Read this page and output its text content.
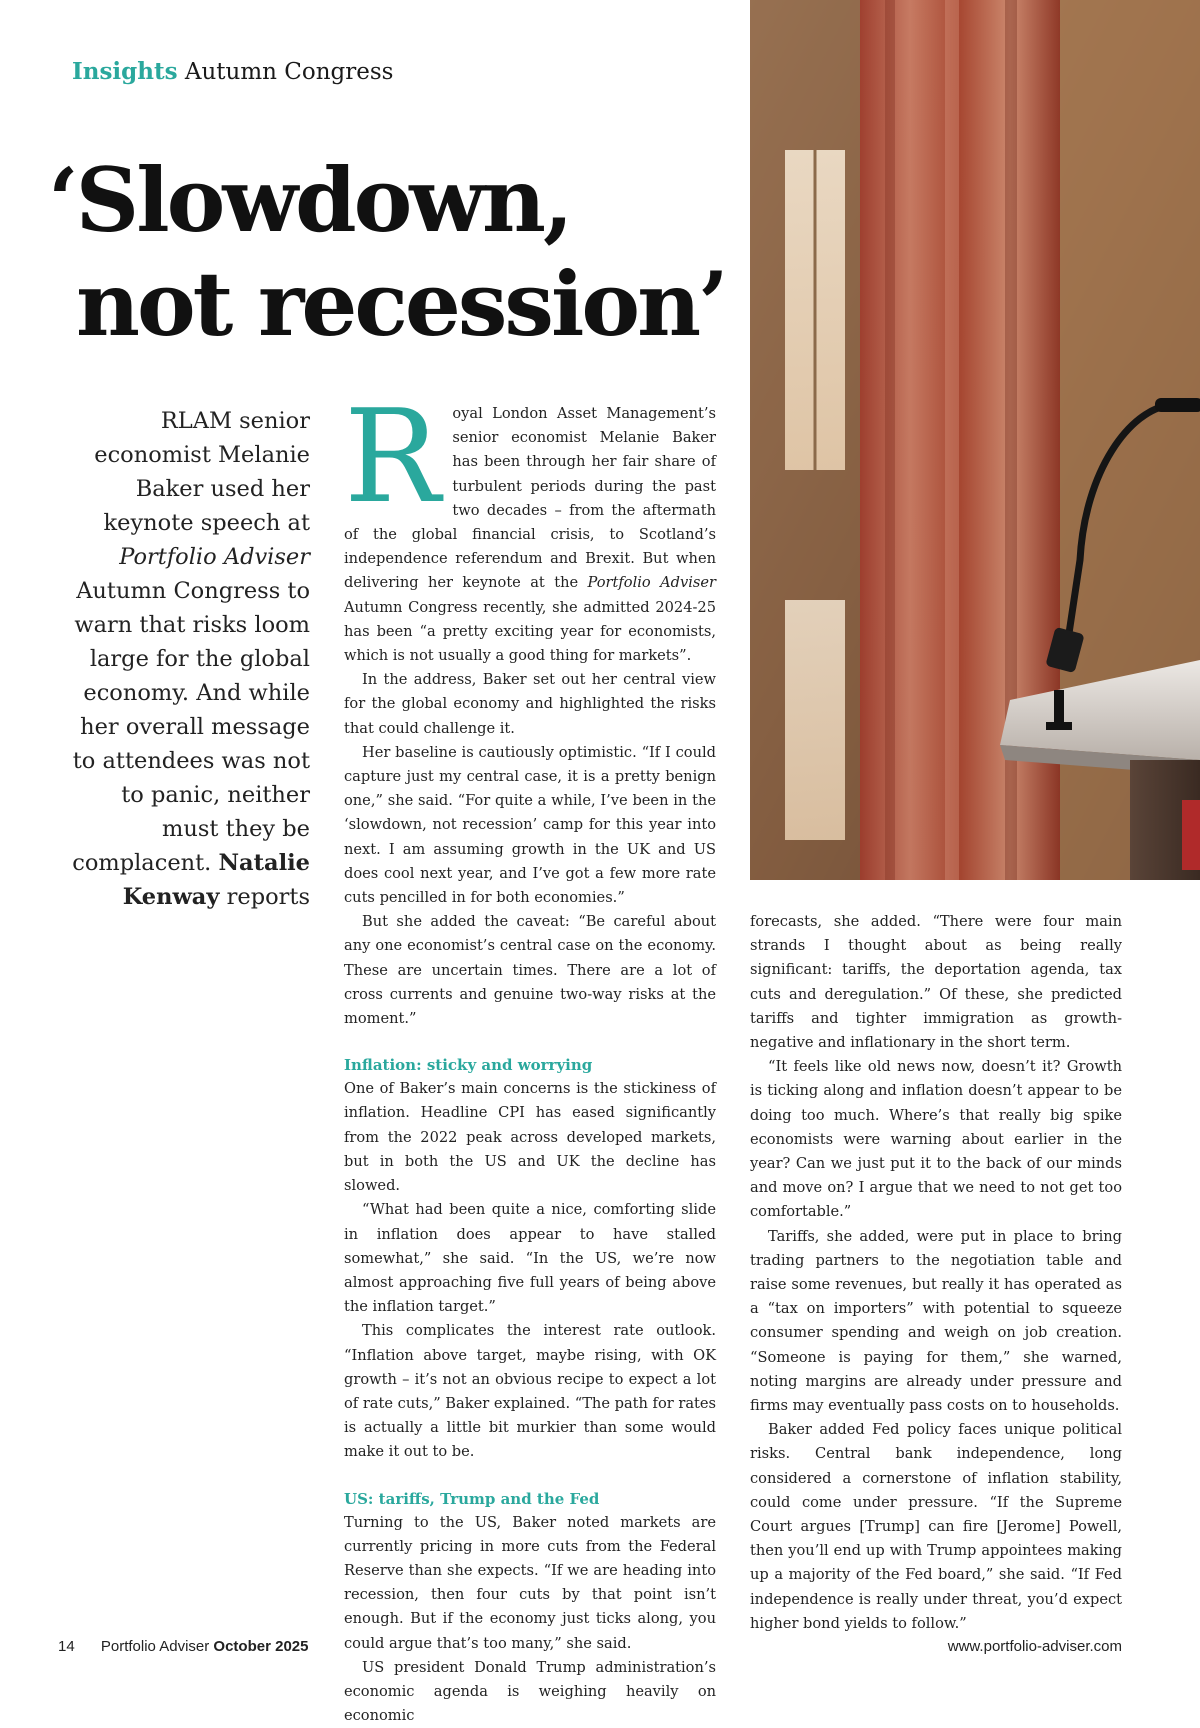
Insights Autumn Congress
‘Slowdown,
not recession’
RLAM senior economist Melanie Baker used her keynote speech at Portfolio Adviser Autumn Congress to warn that risks loom large for the global economy. And while her overall message to attendees was not to panic, neither must they be complacent. Natalie Kenway reports

Royal London Asset Management’s senior economist Melanie Baker has been through her fair share of turbulent periods during the past two decades – from the aftermath of the global financial crisis, to Scotland’s independence referendum and Brexit. But when delivering her keynote at the Portfolio Adviser Autumn Congress recently, she admitted 2024-25 has been “a pretty exciting year for economists, which is not usually a good thing for markets”.

In the address, Baker set out her central view for the global economy and highlighted the risks that could challenge it.

Her baseline is cautiously optimistic. “If I could capture just my central case, it is a pretty benign one,” she said. “For quite a while, I’ve been in the ‘slowdown, not recession’ camp for this year into next. I am assuming growth in the UK and US does cool next year, and I’ve got a few more rate cuts pencilled in for both economies.”

But she added the caveat: “Be careful about any one economist’s central case on the economy. These are uncertain times. There are a lot of cross currents and genuine two-way risks at the moment.”

Inflation: sticky and worrying

One of Baker’s main concerns is the stickiness of inflation. Headline CPI has eased significantly from the 2022 peak across developed markets, but in both the US and UK the decline has slowed.

“What had been quite a nice, comforting slide in inflation does appear to have stalled somewhat,” she said. “In the US, we’re now almost approaching five full years of being above the inflation target.”

This complicates the interest rate outlook. “Inflation above target, maybe rising, with OK growth – it’s not an obvious recipe to expect a lot of rate cuts,” Baker explained. “The path for rates is actually a little bit murkier than some would make it out to be.

US: tariffs, Trump and the Fed

Turning to the US, Baker noted markets are currently pricing in more cuts from the Federal Reserve than she expects. “If we are heading into recession, then four cuts by that point isn’t enough. But if the economy just ticks along, you could argue that’s too many,” she said.

US president Donald Trump administration’s economic agenda is weighing heavily on economic

forecasts, she added. “There were four main strands I thought about as being really significant: tariffs, the deportation agenda, tax cuts and deregulation.” Of these, she predicted tariffs and tighter immigration as growth-negative and inflationary in the short term.

“It feels like old news now, doesn’t it? Growth is ticking along and inflation doesn’t appear to be doing too much. Where’s that really big spike economists were warning about earlier in the year? Can we just put it to the back of our minds and move on? I argue that we need to not get too comfortable.”

Tariffs, she added, were put in place to bring trading partners to the negotiation table and raise some revenues, but really it has operated as a “tax on importers” with potential to squeeze consumer spending and weigh on job creation. “Someone is paying for them,” she warned, noting margins are already under pressure and firms may eventually pass costs on to households.

Baker added Fed policy faces unique political risks. Central bank independence, long considered a cornerstone of inflation stability, could come under pressure. “If the Supreme Court argues [Trump] can fire [Jerome] Powell, then you’ll end up with Trump appointees making up a majority of the Fed board,” she said. “If Fed independence is really under threat, you’d expect higher bond yields to follow.”

14 Portfolio Adviser October 2025	www.portfolio-adviser.com
